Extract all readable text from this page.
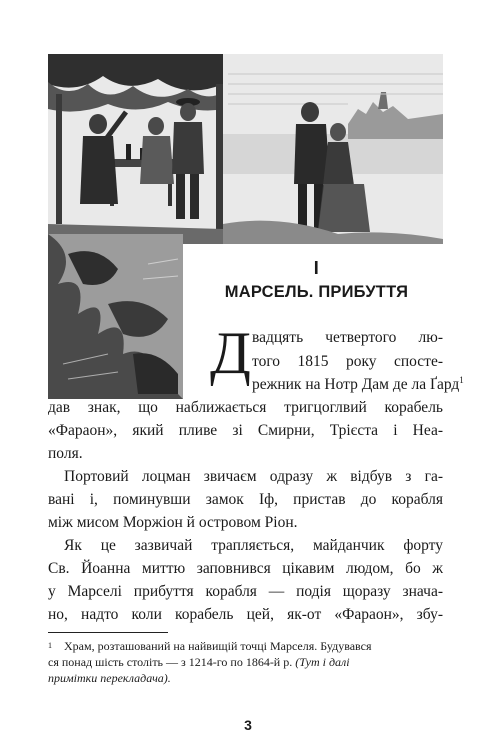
I
МАРСЕЛЬ. ПРИБУТТЯ
Д вадцять четвертого лю-
того 1815 року спосте-
режник на Нотр Дам де ла Ґард$^1$
дав знак, що наближається тригцоглвий корабель
«Фараон», який пливе зі Смирни, Трієста і Неа-
поля.
Портовий лоцман звичаєм одразу ж відбув з га-
вані і, поминувши замок Іф, пристав до корабля
між мисом Моржіон й островом Ріон.
Як це зазвичай трапляється, майданчик форту
Св. Йоанна миттю заповнився цікавим людом, бо ж
у Марселі прибуття корабля — подія щоразу знача-
но, надто коли корабель цей, як-от «Фараон», збу-
1 Храм, розташований на найвищій точці Марселя. Будувався
ся понад шість століть — з 1214-го по 1864-й р. (Тут і далі
примітки перекладача).
3
